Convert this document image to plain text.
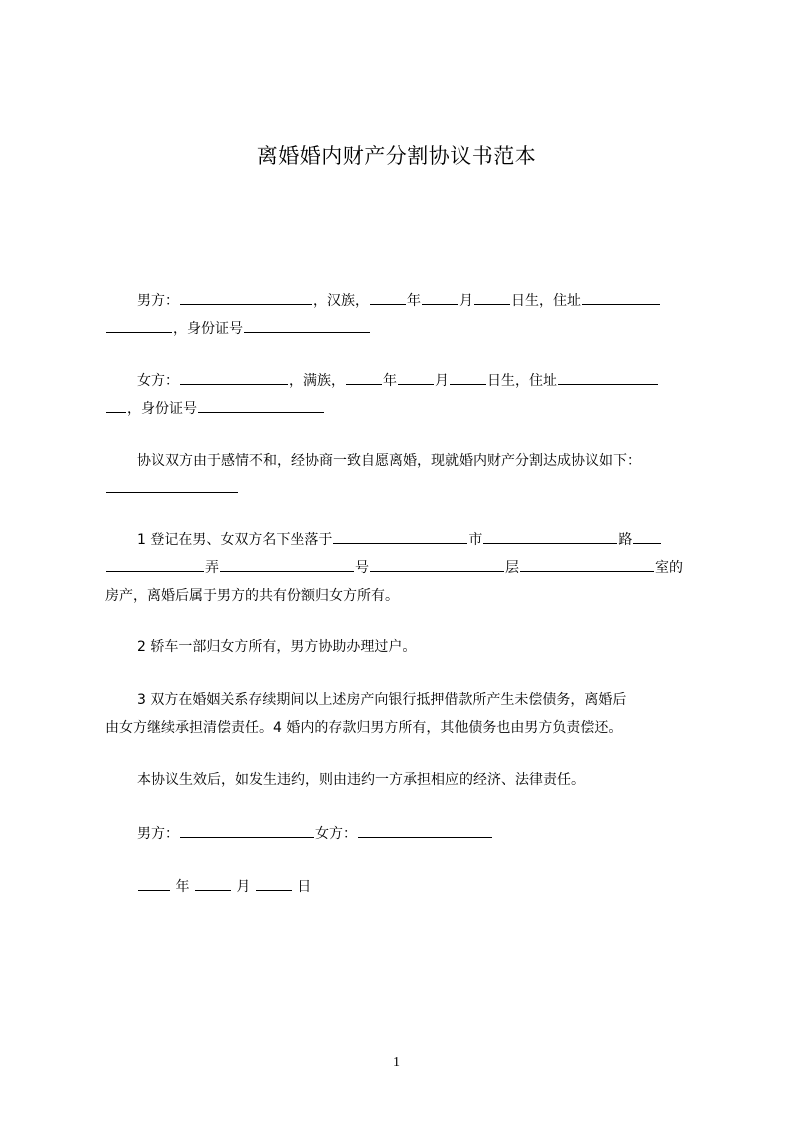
离婚婚内财产分割协议书范本
男方：	，汉族，	年	月	日生，住址
，身份证号
女方：	，满族，	年	月	日生，住址
，身份证号
协议双方由于感情不和，经协商一致自愿离婚，现就婚内财产分割达成协议如下：
1 登记在男、女双方名下坐落于	市	路
弄	号	层	室的
房产，离婚后属于男方的共有份额归女方所有。
2 轿车一部归女方所有，男方协助办理过户。
3 双方在婚姻关系存续期间以上述房产向银行抵押借款所产生未偿债务，离婚后
由女方继续承担清偿责任。4 婚内的存款归男方所有，其他债务也由男方负责偿还。
本协议生效后，如发生违约，则由违约一方承担相应的经济、法律责任。
男方：	女方：
年	月	日
1
